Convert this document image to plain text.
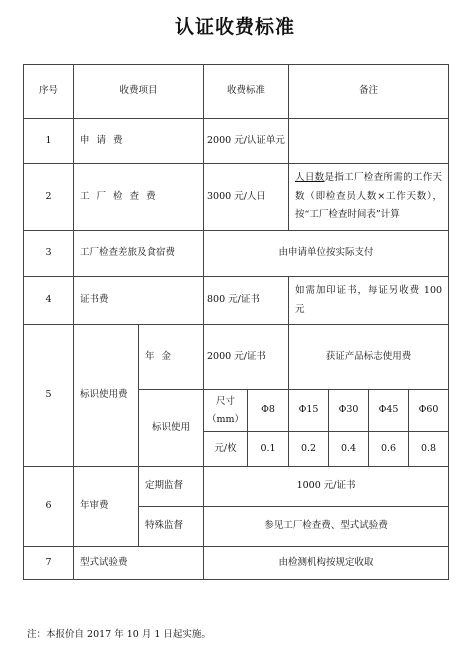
认证收费标准
序号	收费项目		收费标准		备注			
1	申 请 费		2000 元/认证单元					
2	工 厂 检 查 费		3000 元/人日		人日数是指工厂检查所需的工作天数（即检查员人数×工作天数），按“工厂检查时间表”计算			
3	工厂检查差旅及食宿费		由申请单位按实际支付					
4	证书费		800 元/证书		如需加印证书，每证另收费 100 元			
5	标识使用费	年 金	2000 元/证书		获证产品标志使用费			
		标识使用	尺寸（mm）	Φ8	Φ15	Φ30	Φ45	Φ60
			元/枚	0.1	0.2	0.4	0.6	0.8
6	年审费	定期监督	1000 元/证书					
		特殊监督	参见工厂检查费、型式试验费					
7	型式试验费		由检测机构按规定收取					
注：本报价自 2017 年 10 月 1 日起实施。
